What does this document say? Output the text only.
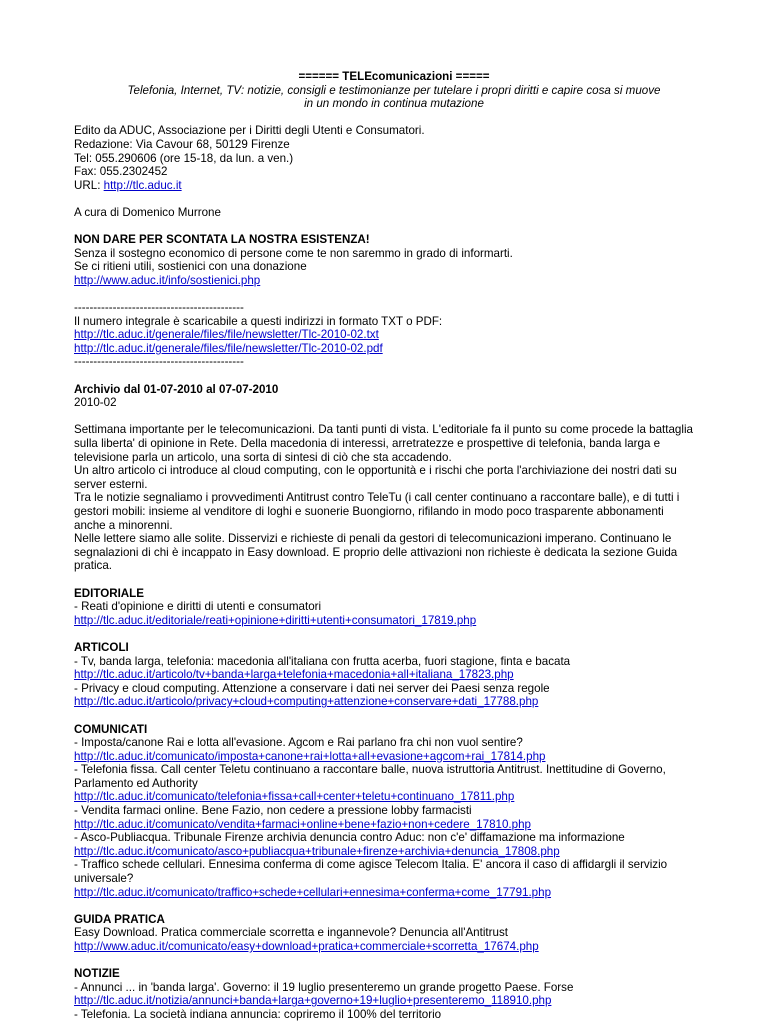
====== TELEcomunicazioni =====
Telefonia, Internet, TV: notizie, consigli e testimonianze per tutelare i propri diritti e capire cosa si muove
in un mondo in continua mutazione
Edito da ADUC, Associazione per i Diritti degli Utenti e Consumatori.
Redazione: Via Cavour 68, 50129 Firenze
Tel: 055.290606 (ore 15-18, da lun. a ven.)
Fax: 055.2302452
URL: http://tlc.aduc.it
A cura di Domenico Murrone
NON DARE PER SCONTATA LA NOSTRA ESISTENZA!
Senza il sostegno economico di persone come te non saremmo in grado di informarti.
Se ci ritieni utili, sostienici con una donazione
http://www.aduc.it/info/sostienici.php
--------------------------------------------
Il numero integrale è scaricabile a questi indirizzi in formato TXT o PDF:
http://tlc.aduc.it/generale/files/file/newsletter/Tlc-2010-02.txt
http://tlc.aduc.it/generale/files/file/newsletter/Tlc-2010-02.pdf
--------------------------------------------
Archivio dal 01-07-2010 al 07-07-2010
2010-02
Settimana importante per le telecomunicazioni. Da tanti punti di vista. L'editoriale fa il punto su come procede la battaglia
sulla liberta' di opinione in Rete. Della macedonia di interessi, arretratezze e prospettive di telefonia, banda larga e
televisione parla un articolo, una sorta di sintesi di ciò che sta accadendo.
Un altro articolo ci introduce al cloud computing, con le opportunità e i rischi che porta l'archiviazione dei nostri dati su
server esterni.
Tra le notizie segnaliamo i provvedimenti Antitrust contro TeleTu (i call center continuano a raccontare balle), e di tutti i
gestori mobili: insieme al venditore di loghi e suonerie Buongiorno, rifilando in modo poco trasparente abbonamenti
anche a minorenni.
Nelle lettere siamo alle solite. Disservizi e richieste di penali da gestori di telecomunicazioni imperano. Continuano le
segnalazioni di chi è incappato in Easy download. E proprio delle attivazioni non richieste è dedicata la sezione Guida
pratica.
EDITORIALE
- Reati d'opinione e diritti di utenti e consumatori
http://tlc.aduc.it/editoriale/reati+opinione+diritti+utenti+consumatori_17819.php
ARTICOLI
- Tv, banda larga, telefonia: macedonia all'italiana con frutta acerba, fuori stagione, finta e bacata
http://tlc.aduc.it/articolo/tv+banda+larga+telefonia+macedonia+all+italiana_17823.php
- Privacy e cloud computing. Attenzione a conservare i dati nei server dei Paesi senza regole
http://tlc.aduc.it/articolo/privacy+cloud+computing+attenzione+conservare+dati_17788.php
COMUNICATI
- Imposta/canone Rai e lotta all'evasione. Agcom e Rai parlano fra chi non vuol sentire?
http://tlc.aduc.it/comunicato/imposta+canone+rai+lotta+all+evasione+agcom+rai_17814.php
- Telefonia fissa. Call center Teletu continuano a raccontare balle, nuova istruttoria Antitrust. Inettitudine di Governo,
Parlamento ed Authority
http://tlc.aduc.it/comunicato/telefonia+fissa+call+center+teletu+continuano_17811.php
- Vendita farmaci online. Bene Fazio, non cedere a pressione lobby farmacisti
http://tlc.aduc.it/comunicato/vendita+farmaci+online+bene+fazio+non+cedere_17810.php
- Asco-Publiacqua. Tribunale Firenze archivia denuncia contro Aduc: non c'e' diffamazione ma informazione
http://tlc.aduc.it/comunicato/asco+publiacqua+tribunale+firenze+archivia+denuncia_17808.php
- Traffico schede cellulari. Ennesima conferma di come agisce Telecom Italia. E' ancora il caso di affidargli il servizio
universale?
http://tlc.aduc.it/comunicato/traffico+schede+cellulari+ennesima+conferma+come_17791.php
GUIDA PRATICA
Easy Download. Pratica commerciale scorretta e ingannevole? Denuncia all'Antitrust
http://www.aduc.it/comunicato/easy+download+pratica+commerciale+scorretta_17674.php
NOTIZIE
- Annunci ... in 'banda larga'. Governo: il 19 luglio presenteremo un grande progetto Paese. Forse
http://tlc.aduc.it/notizia/annunci+banda+larga+governo+19+luglio+presenteremo_118910.php
- Telefonia. La società indiana annuncia: copriremo il 100% del territorio
